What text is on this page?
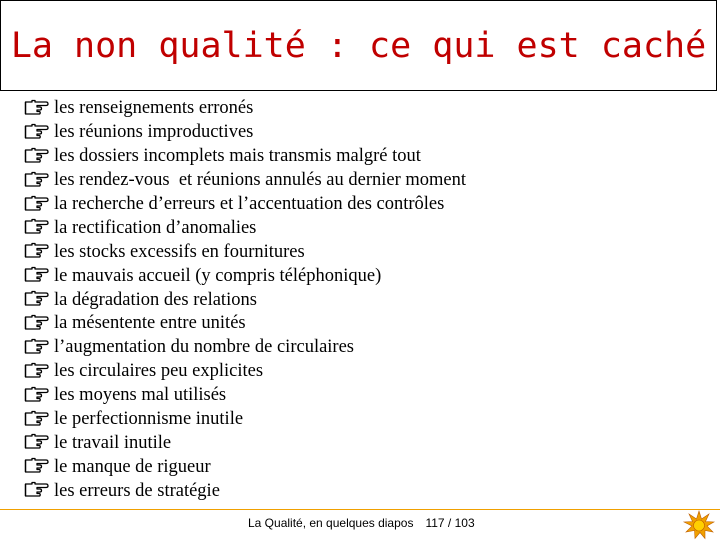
La non qualité : ce qui est caché
les renseignements erronés
les réunions improductives
les dossiers incomplets mais transmis malgré tout
les rendez-vous  et réunions annulés au dernier moment
la recherche d’erreurs et l’accentuation des contrôles
la rectification d’anomalies
les stocks excessifs en fournitures
le mauvais accueil (y compris téléphonique)
la dégradation des relations
la mésentente entre unités
l’augmentation du nombre de circulaires
les circulaires peu explicites
les moyens mal utilisés
le perfectionnisme inutile
le travail inutile
le manque de rigueur
les erreurs de stratégie
La Qualité, en quelques diapos 117 / 103
